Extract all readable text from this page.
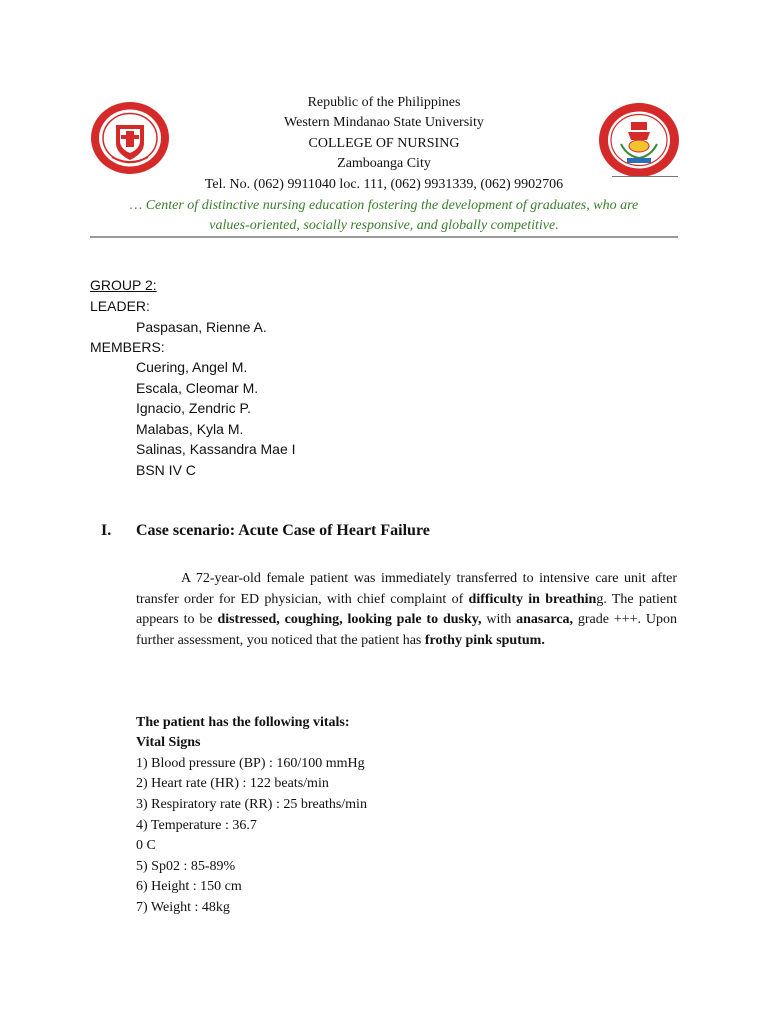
Republic of the Philippines
Western Mindanao State University
COLLEGE OF NURSING
Zamboanga City
Tel. No. (062) 9911040 loc. 111, (062) 9931339, (062) 9902706
… Center of distinctive nursing education fostering the development of graduates, who are
values-oriented, socially responsive, and globally competitive.
GROUP 2:
LEADER:
Paspasan, Rienne A.
MEMBERS:
Cuering, Angel M.
Escala, Cleomar M.
Ignacio, Zendric P.
Malabas, Kyla M.
Salinas, Kassandra Mae I
BSN IV C
I. Case scenario: Acute Case of Heart Failure
A 72-year-old female patient was immediately transferred to intensive care unit after transfer order for ED physician, with chief complaint of difficulty in breathing. The patient appears to be distressed, coughing, looking pale to dusky, with anasarca, grade +++. Upon further assessment, you noticed that the patient has frothy pink sputum.
The patient has the following vitals:
Vital Signs
1) Blood pressure (BP) : 160/100 mmHg
2) Heart rate (HR) : 122 beats/min
3) Respiratory rate (RR) : 25 breaths/min
4) Temperature : 36.7
0 C
5) Sp02 : 85-89%
6) Height : 150 cm
7) Weight : 48kg
